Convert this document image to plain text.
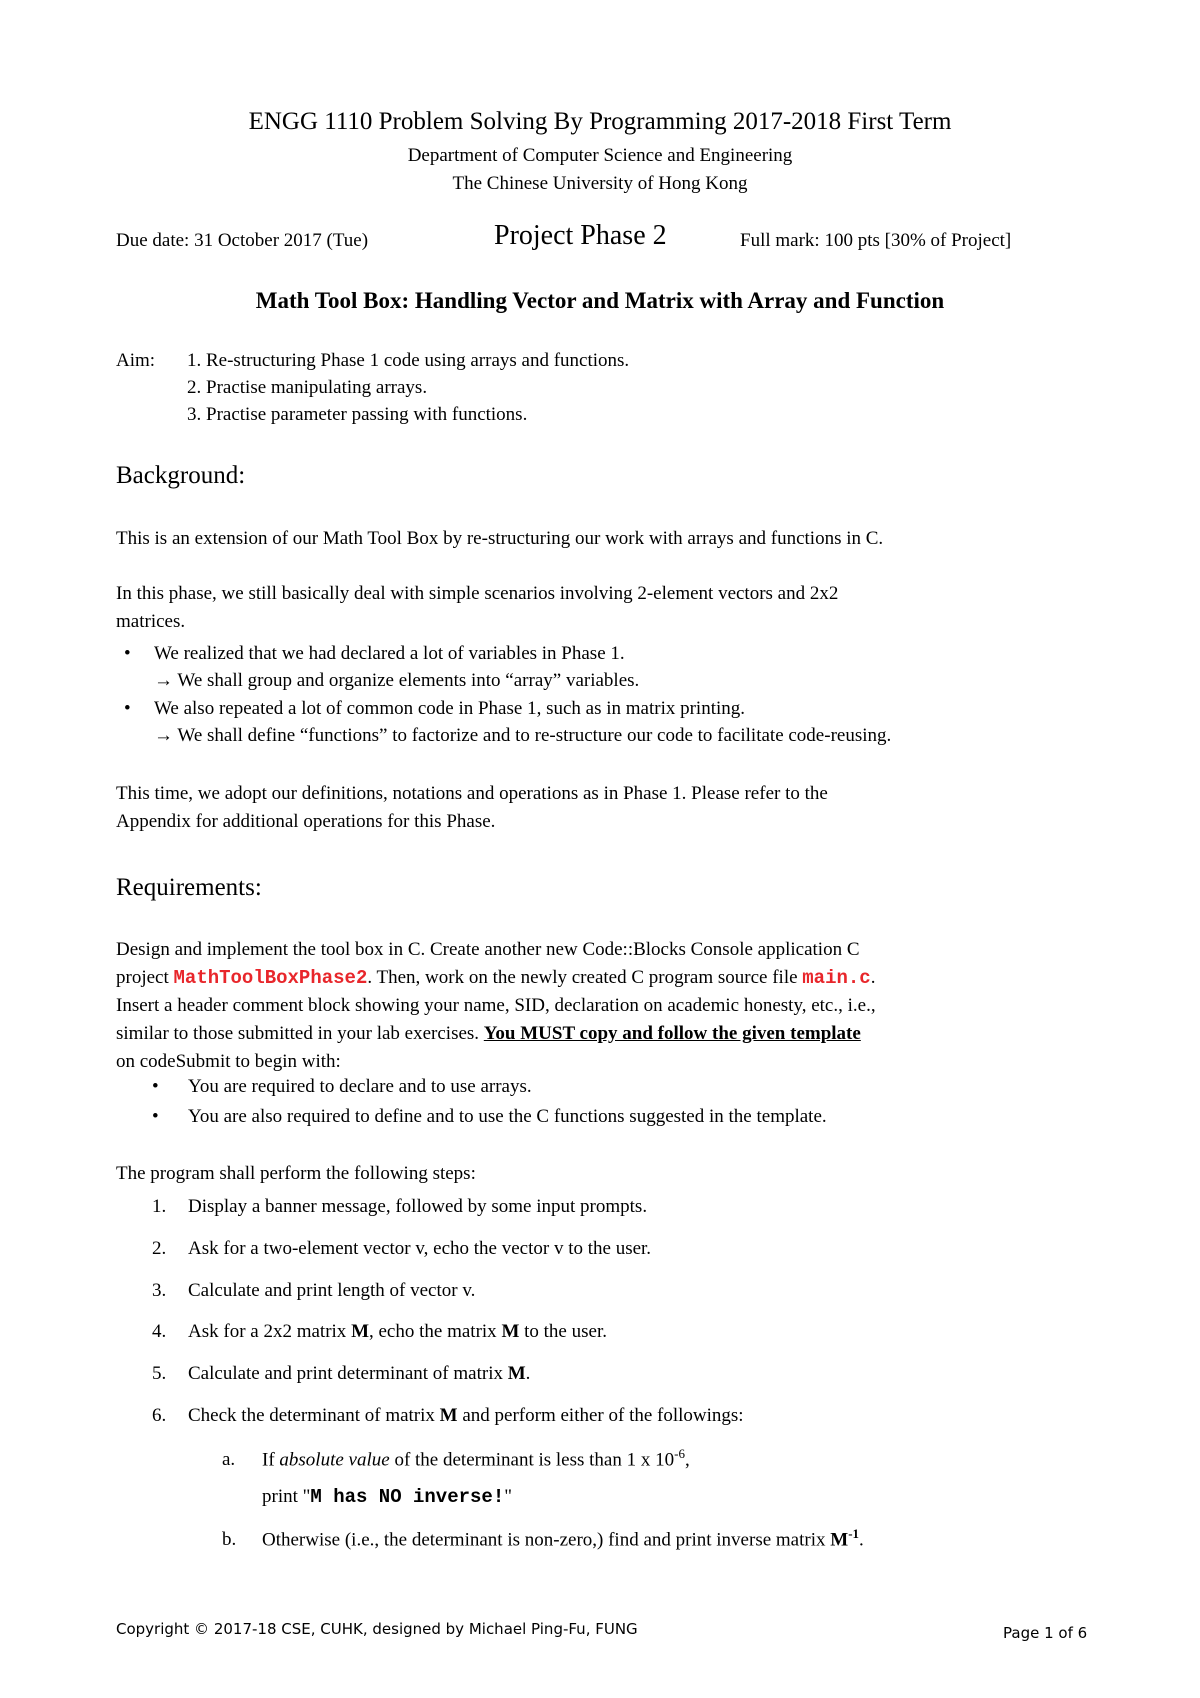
ENGG 1110 Problem Solving By Programming 2017-2018 First Term
Department of Computer Science and Engineering
The Chinese University of Hong Kong
Due date: 31 October 2017 (Tue)	Project Phase 2	Full mark: 100 pts [30% of Project]
Math Tool Box: Handling Vector and Matrix with Array and Function
Aim: 1. Re-structuring Phase 1 code using arrays and functions.
2. Practise manipulating arrays.
3. Practise parameter passing with functions.
Background:
This is an extension of our Math Tool Box by re-structuring our work with arrays and functions in C.
In this phase, we still basically deal with simple scenarios involving 2-element vectors and 2x2
matrices.
• We realized that we had declared a lot of variables in Phase 1.
→ We shall group and organize elements into “array” variables.
• We also repeated a lot of common code in Phase 1, such as in matrix printing.
→ We shall define “functions” to factorize and to re-structure our code to facilitate code-reusing.
This time, we adopt our definitions, notations and operations as in Phase 1. Please refer to the
Appendix for additional operations for this Phase.
Requirements:
Design and implement the tool box in C. Create another new Code::Blocks Console application C
project MathToolBoxPhase2. Then, work on the newly created C program source file main.c.
Insert a header comment block showing your name, SID, declaration on academic honesty, etc., i.e.,
similar to those submitted in your lab exercises. You MUST copy and follow the given template
on codeSubmit to begin with:
• You are required to declare and to use arrays.
• You are also required to define and to use the C functions suggested in the template.
The program shall perform the following steps:
1. Display a banner message, followed by some input prompts.
2. Ask for a two-element vector v, echo the vector v to the user.
3. Calculate and print length of vector v.
4. Ask for a 2x2 matrix M, echo the matrix M to the user.
5. Calculate and print determinant of matrix M.
6. Check the determinant of matrix M and perform either of the followings:
a. If absolute value of the determinant is less than 1 x $10^{-6}$,
print "M has NO inverse!"
b. Otherwise (i.e., the determinant is non-zero,) find and print inverse matrix $M^{-1}$.
Copyright © 2017-18 CSE, CUHK, designed by Michael Ping-Fu, FUNG	Page 1 of 6
